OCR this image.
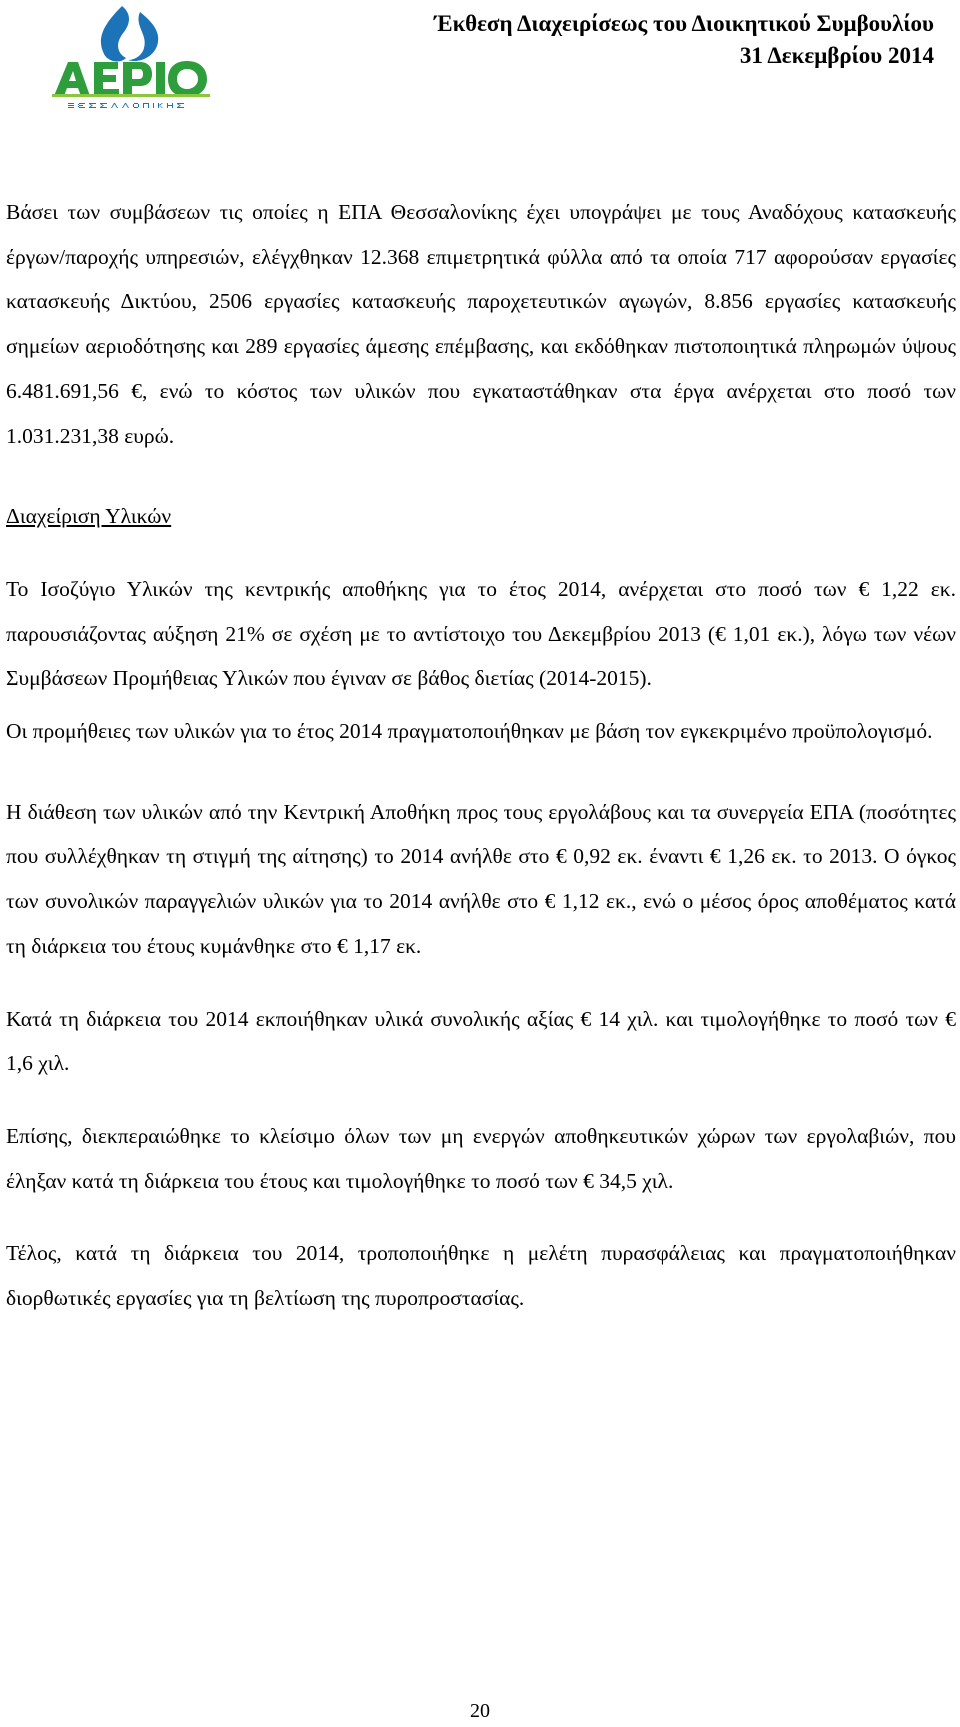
Έκθεση Διαχειρίσεως του Διοικητικού Συμβουλίου
31 Δεκεμβρίου 2014

Βάσει των συμβάσεων τις οποίες η ΕΠΑ Θεσσαλονίκης έχει υπογράψει με τους Αναδόχους κατασκευής έργων/παροχής υπηρεσιών, ελέγχθηκαν 12.368 επιμετρητικά φύλλα από τα οποία 717 αφορούσαν εργασίες κατασκευής Δικτύου, 2506 εργασίες κατασκευής παροχετευτικών αγωγών, 8.856 εργασίες κατασκευής σημείων αεριοδότησης και 289 εργασίες άμεσης επέμβασης, και εκδόθηκαν πιστοποιητικά πληρωμών ύψους 6.481.691,56 €, ενώ το κόστος των υλικών που εγκαταστάθηκαν στα έργα ανέρχεται στο ποσό των 1.031.231,38 ευρώ.

Διαχείριση Υλικών

Το Ισοζύγιο Υλικών της κεντρικής αποθήκης για το έτος 2014, ανέρχεται στο ποσό των € 1,22 εκ. παρουσιάζοντας αύξηση 21% σε σχέση με το αντίστοιχο του Δεκεμβρίου 2013 (€ 1,01 εκ.), λόγω των νέων Συμβάσεων Προμήθειας Υλικών που έγιναν σε βάθος διετίας (2014-2015).

Οι προμήθειες των υλικών για το έτος 2014 πραγματοποιήθηκαν με βάση τον εγκεκριμένο προϋπολογισμό.

Η διάθεση των υλικών από την Κεντρική Αποθήκη προς τους εργολάβους και τα συνεργεία ΕΠΑ (ποσότητες που συλλέχθηκαν τη στιγμή της αίτησης) το 2014 ανήλθε στο € 0,92 εκ. έναντι € 1,26 εκ. το 2013. Ο όγκος των συνολικών παραγγελιών υλικών για το 2014 ανήλθε στο € 1,12 εκ., ενώ ο μέσος όρος αποθέματος κατά τη διάρκεια του έτους κυμάνθηκε στο € 1,17 εκ.

Κατά τη διάρκεια του 2014 εκποιήθηκαν υλικά συνολικής αξίας € 14 χιλ. και τιμολογήθηκε το ποσό των € 1,6 χιλ.

Επίσης, διεκπεραιώθηκε το κλείσιμο όλων των μη ενεργών αποθηκευτικών χώρων των εργολαβιών, που έληξαν κατά τη διάρκεια του έτους και τιμολογήθηκε το ποσό των € 34,5 χιλ.

Τέλος, κατά τη διάρκεια του 2014, τροποποιήθηκε η μελέτη πυρασφάλειας και πραγματοποιήθηκαν διορθωτικές εργασίες για τη βελτίωση της πυροπροστασίας.

20
